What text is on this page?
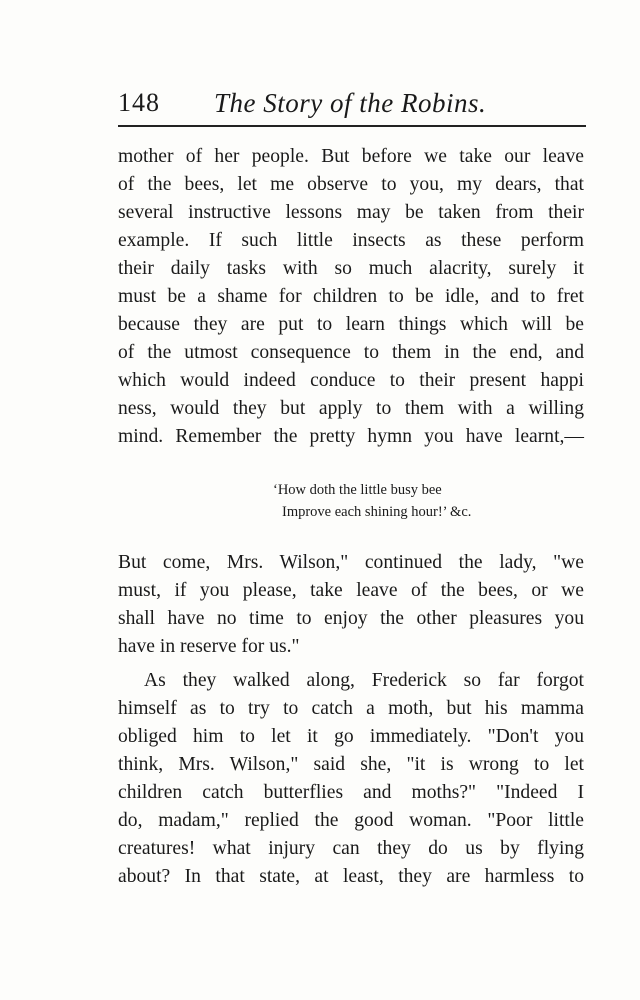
148 The Story of the Robins.
mother of her people. But before we take our leave
of the bees, let me observe to you, my dears, that
several instructive lessons may be taken from their
example. If such little insects as these perform
their daily tasks with so much alacrity, surely it
must be a shame for children to be idle, and to fret
because they are put to learn things which will be
of the utmost consequence to them in the end, and
which would indeed conduce to their present happi
ness, would they but apply to them with a willing
mind. Remember the pretty hymn you have learnt,—
‘How doth the little busy bee
Improve each shining hour!’ &c.
But come, Mrs. Wilson," continued the lady, "we
must, if you please, take leave of the bees, or we
shall have no time to enjoy the other pleasures you
have in reserve for us."
As they walked along, Frederick so far forgot
himself as to try to catch a moth, but his mamma
obliged him to let it go immediately. "Don't you
think, Mrs. Wilson," said she, "it is wrong to let
children catch butterflies and moths?" "Indeed I
do, madam," replied the good woman. "Poor little
creatures! what injury can they do us by flying
about? In that state, at least, they are harmless to
